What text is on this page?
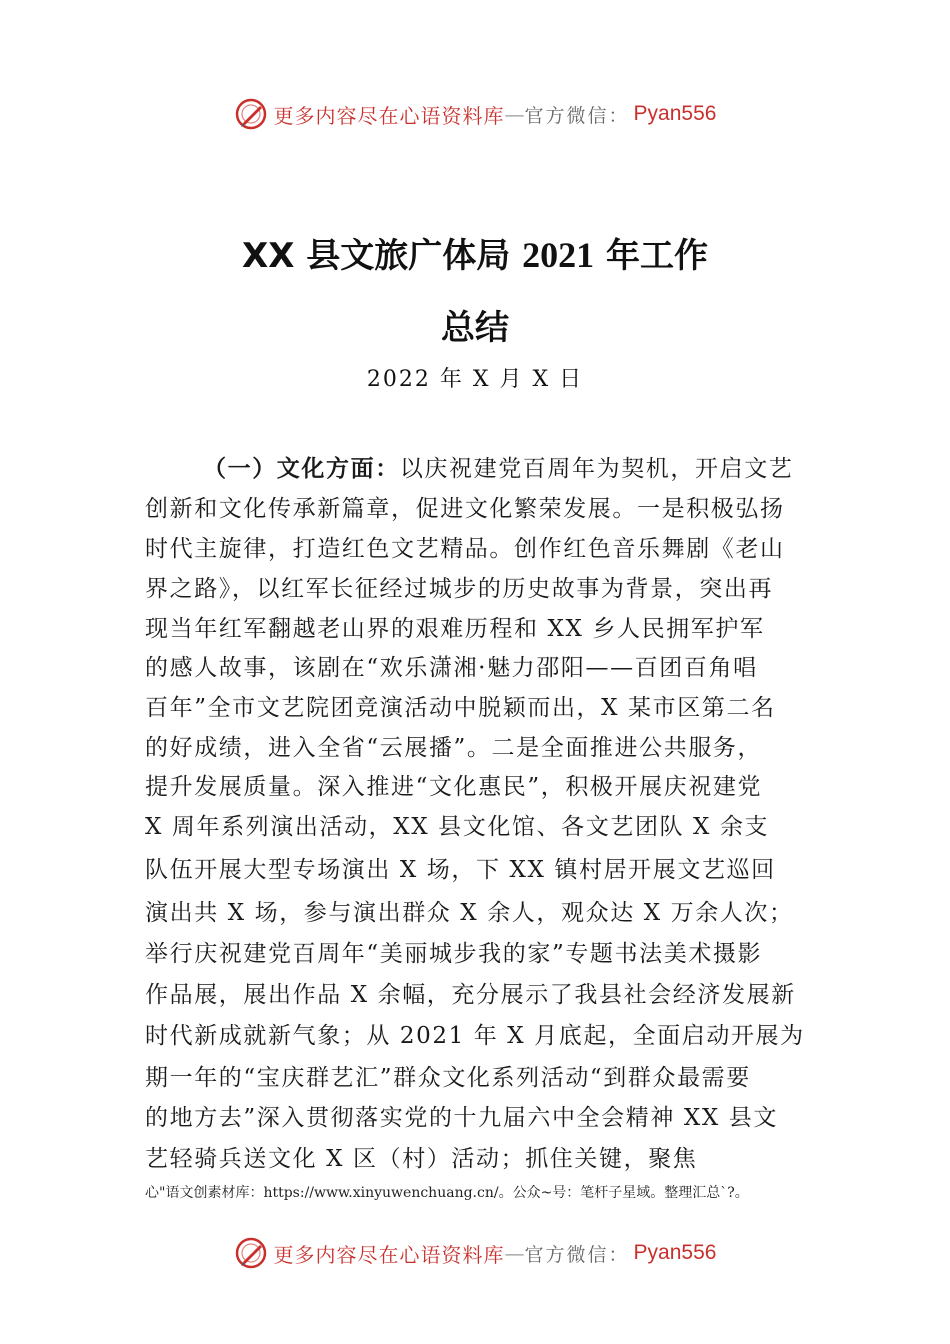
更多内容尽在心语资料库 — 官方微信： Pyan556
XX 县文旅广体局 2021 年工作
总结
2022 年 X 月 X 日
（一）文化方面：以庆祝建党百周年为契机，开启文艺
创新和文化传承新篇章，促进文化繁荣发展。一是积极弘扬
时代主旋律，打造红色文艺精品。创作红色音乐舞剧《老山
界之路》，以红军长征经过城步的历史故事为背景，突出再
现当年红军翻越老山界的艰难历程和 XX 乡人民拥军护军
的感人故事，该剧在“欢乐潇湘·魅力邵阳——百团百角唱
百年”全市文艺院团竞演活动中脱颖而出，X 某市区第二名
的好成绩，进入全省“云展播”。二是全面推进公共服务，
提升发展质量。深入推进“文化惠民”，积极开展庆祝建党
X 周年系列演出活动，XX 县文化馆、各文艺团队 X 余支
队伍开展大型专场演出 X 场，下 XX 镇村居开展文艺巡回
演出共 X 场，参与演出群众 X 余人，观众达 X 万余人次；
举行庆祝建党百周年“美丽城步我的家”专题书法美术摄影
作品展，展出作品 X 余幅，充分展示了我县社会经济发展新
时代新成就新气象；从 2021 年 X 月底起，全面启动开展为
期一年的“宝庆群艺汇”群众文化系列活动“到群众最需要
的地方去”深入贯彻落实党的十九届六中全会精神 XX 县文
艺轻骑兵送文化 X 区（村）活动；抓住关键，聚焦
心"语文创素材库：https://www.xinyuwenchuang.cn/。公众~号：笔杆子星域。整理汇总`?。
更多内容尽在心语资料库 — 官方微信： Pyan556
